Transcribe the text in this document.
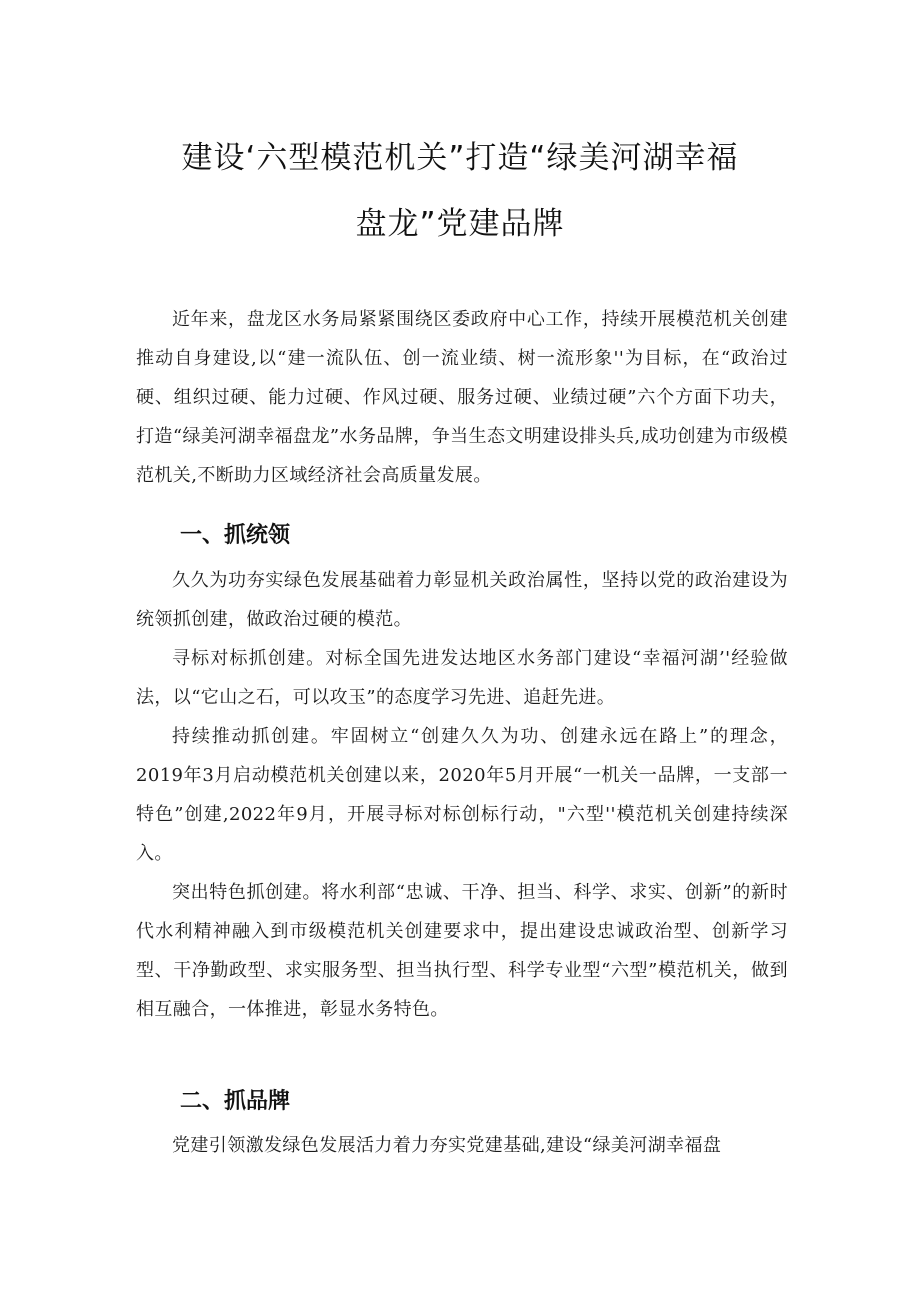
建设‘六型模范机关”打造“绿美河湖幸福
盘龙”党建品牌

近年来，盘龙区水务局紧紧围绕区委政府中心工作，持续开展模范机关创建推动自身建设,以“建一流队伍、创一流业绩、树一流形象''为目标，在“政治过硬、组织过硬、能力过硬、作风过硬、服务过硬、业绩过硬”六个方面下功夫，打造“绿美河湖幸福盘龙”水务品牌，争当生态文明建设排头兵,成功创建为市级模范机关,不断助力区域经济社会高质量发展。

一、抓统领

久久为功夯实绿色发展基础着力彰显机关政治属性，坚持以党的政治建设为统领抓创建，做政治过硬的模范。

寻标对标抓创建。对标全国先进发达地区水务部门建设“幸福河湖’'经验做法，以“它山之石，可以攻玉”的态度学习先进、追赶先进。

持续推动抓创建。牢固树立“创建久久为功、创建永远在路上”的理念，2019年3月启动模范机关创建以来，2020年5月开展“一机关一品牌，一支部一特色”创建,2022年9月，开展寻标对标创标行动，"六型''模范机关创建持续深入。

突出特色抓创建。将水利部“忠诚、干净、担当、科学、求实、创新”的新时代水利精神融入到市级模范机关创建要求中，提出建设忠诚政治型、创新学习型、干净勤政型、求实服务型、担当执行型、科学专业型“六型”模范机关，做到相互融合，一体推进，彰显水务特色。

二、抓品牌

党建引领激发绿色发展活力着力夯实党建基础,建设“绿美河湖幸福盘
